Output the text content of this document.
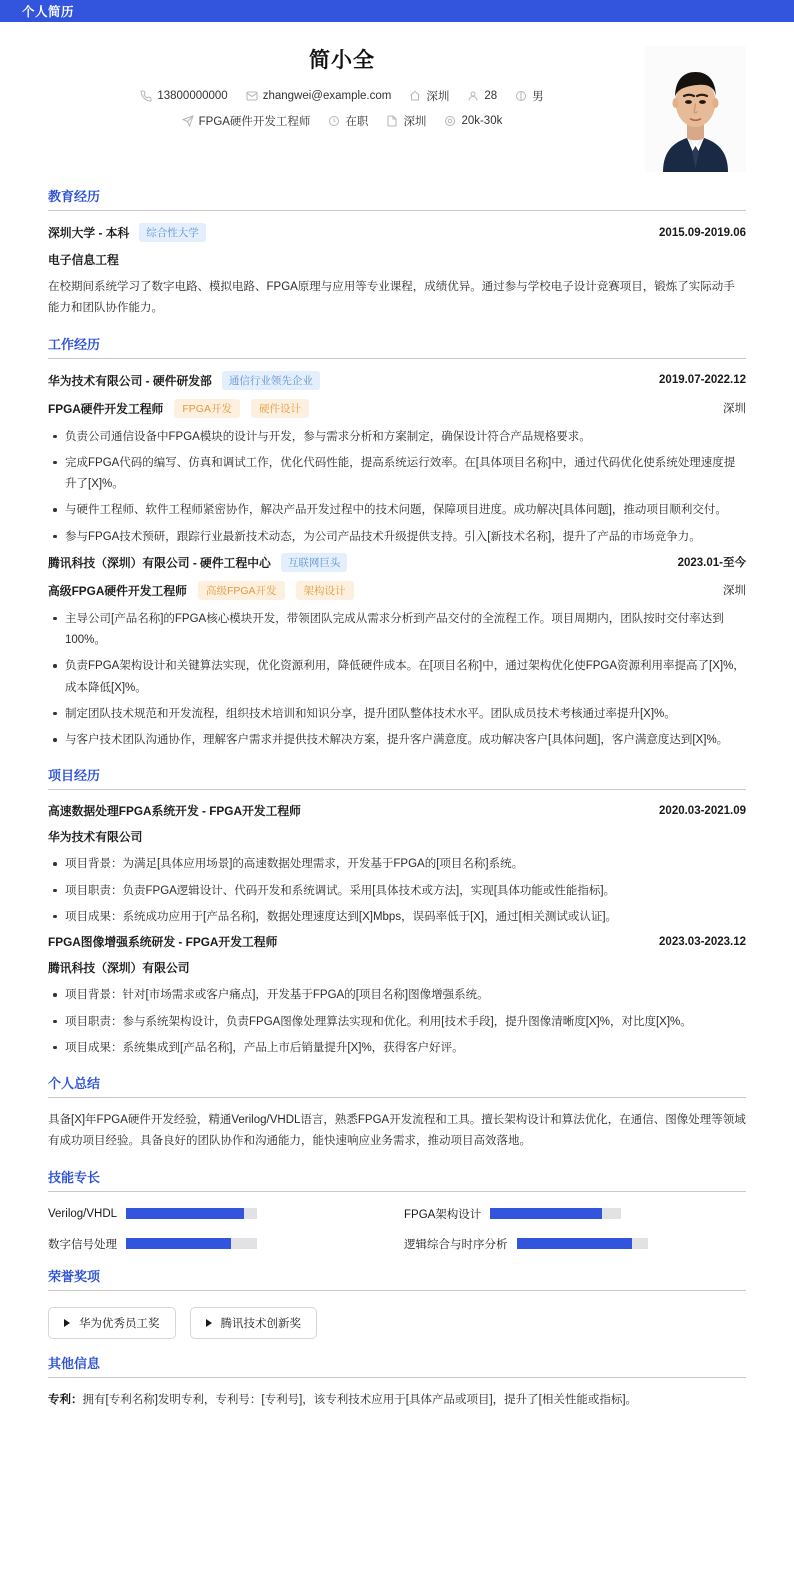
个人简历
简小全
13800000000	zhangwei@example.com	深圳	28	男
FPGA硬件开发工程师	在职	深圳	20k-30k
教育经历
深圳大学 - 本科	综合性大学	2015.09-2019.06
电子信息工程
在校期间系统学习了数字电路、模拟电路、FPGA原理与应用等专业课程，成绩优异。通过参与学校电子设计竞赛项目，锻炼了实际动手能力和团队协作能力。
工作经历
华为技术有限公司 - 硬件研发部	通信行业领先企业	2019.07-2022.12
FPGA硬件开发工程师	FPGA开发	硬件设计	深圳
负责公司通信设备中FPGA模块的设计与开发，参与需求分析和方案制定，确保设计符合产品规格要求。
完成FPGA代码的编写、仿真和调试工作，优化代码性能，提高系统运行效率。在[具体项目名称]中，通过代码优化使系统处理速度提升了[X]%。
与硬件工程师、软件工程师紧密协作，解决产品开发过程中的技术问题，保障项目进度。成功解决[具体问题]，推动项目顺利交付。
参与FPGA技术预研，跟踪行业最新技术动态，为公司产品技术升级提供支持。引入[新技术名称]，提升了产品的市场竞争力。
腾讯科技（深圳）有限公司 - 硬件工程中心	互联网巨头	2023.01-至今
高级FPGA硬件开发工程师	高级FPGA开发	架构设计	深圳
主导公司[产品名称]的FPGA核心模块开发，带领团队完成从需求分析到产品交付的全流程工作。项目周期内，团队按时交付率达到100%。
负责FPGA架构设计和关键算法实现，优化资源利用，降低硬件成本。在[项目名称]中，通过架构优化使FPGA资源利用率提高了[X]%，成本降低[X]%。
制定团队技术规范和开发流程，组织技术培训和知识分享，提升团队整体技术水平。团队成员技术考核通过率提升[X]%。
与客户技术团队沟通协作，理解客户需求并提供技术解决方案，提升客户满意度。成功解决客户[具体问题]，客户满意度达到[X]%。
项目经历
高速数据处理FPGA系统开发 - FPGA开发工程师	2020.03-2021.09
华为技术有限公司
项目背景：为满足[具体应用场景]的高速数据处理需求，开发基于FPGA的[项目名称]系统。
项目职责：负责FPGA逻辑设计、代码开发和系统调试。采用[具体技术或方法]，实现[具体功能或性能指标]。
项目成果：系统成功应用于[产品名称]，数据处理速度达到[X]Mbps，误码率低于[X]，通过[相关测试或认证]。
FPGA图像增强系统研发 - FPGA开发工程师	2023.03-2023.12
腾讯科技（深圳）有限公司
项目背景：针对[市场需求或客户痛点]，开发基于FPGA的[项目名称]图像增强系统。
项目职责：参与系统架构设计，负责FPGA图像处理算法实现和优化。利用[技术手段]，提升图像清晰度[X]%，对比度[X]%。
项目成果：系统集成到[产品名称]，产品上市后销量提升[X]%，获得客户好评。
个人总结
具备[X]年FPGA硬件开发经验，精通Verilog/VHDL语言，熟悉FPGA开发流程和工具。擅长架构设计和算法优化，在通信、图像处理等领域有成功项目经验。具备良好的团队协作和沟通能力，能快速响应业务需求，推动项目高效落地。
技能专长
Verilog/VHDL	FPGA架构设计
数字信号处理	逻辑综合与时序分析
荣誉奖项
华为优秀员工奖	腾讯技术创新奖
其他信息
专利：拥有[专利名称]发明专利，专利号：[专利号]，该专利技术应用于[具体产品或项目]，提升了[相关性能或指标]。
